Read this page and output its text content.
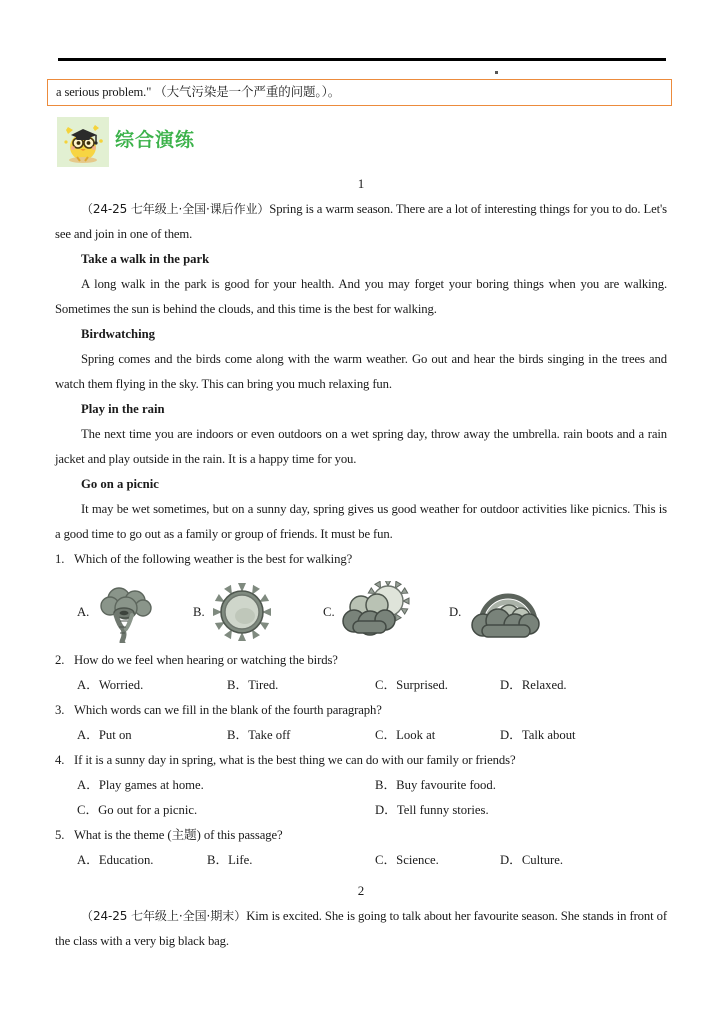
a serious problem." （大气污染是一个严重的问题。）。
综合演练
1

（24-25 七年级上·全国·课后作业）Spring is a warm season. There are a lot of interesting things for you to do. Let's see and join in one of them.

Take a walk in the park

A long walk in the park is good for your health. And you may forget your boring things when you are walking. Sometimes the sun is behind the clouds, and this time is the best for walking.

Birdwatching

Spring comes and the birds come along with the warm weather. Go out and hear the birds singing in the trees and watch them flying in the sky. This can bring you much relaxing fun.

Play in the rain

The next time you are indoors or even outdoors on a wet spring day, throw away the umbrella. rain boots and a rain jacket and play outside in the rain. It is a happy time for you.

Go on a picnic

It may be wet sometimes, but on a sunny day, spring gives us good weather for outdoor activities like picnics. This is a good time to go out as a family or group of friends. It must be fun.

1. Which of the following weather is the best for walking?

A.	B.	C.	D.

2. How do we feel when hearing or watching the birds?

A．Worried.	B．Tired.	C．Surprised.	D．Relaxed.

3. Which words can we fill in the blank of the fourth paragraph?

A．Put on	B．Take off	C．Look at	D．Talk about

4. If it is a sunny day in spring, what is the best thing we can do with our family or friends?

A．Play games at home.	B．Buy favourite food.
C．Go out for a picnic.	D．Tell funny stories.

5. What is the theme (主题) of this passage?

A．Education.	B．Life.	C．Science.	D．Culture.
2

（24-25 七年级上·全国·期末）Kim is excited. She is going to talk about her favourite season. She stands in front of the class with a very big black bag.
